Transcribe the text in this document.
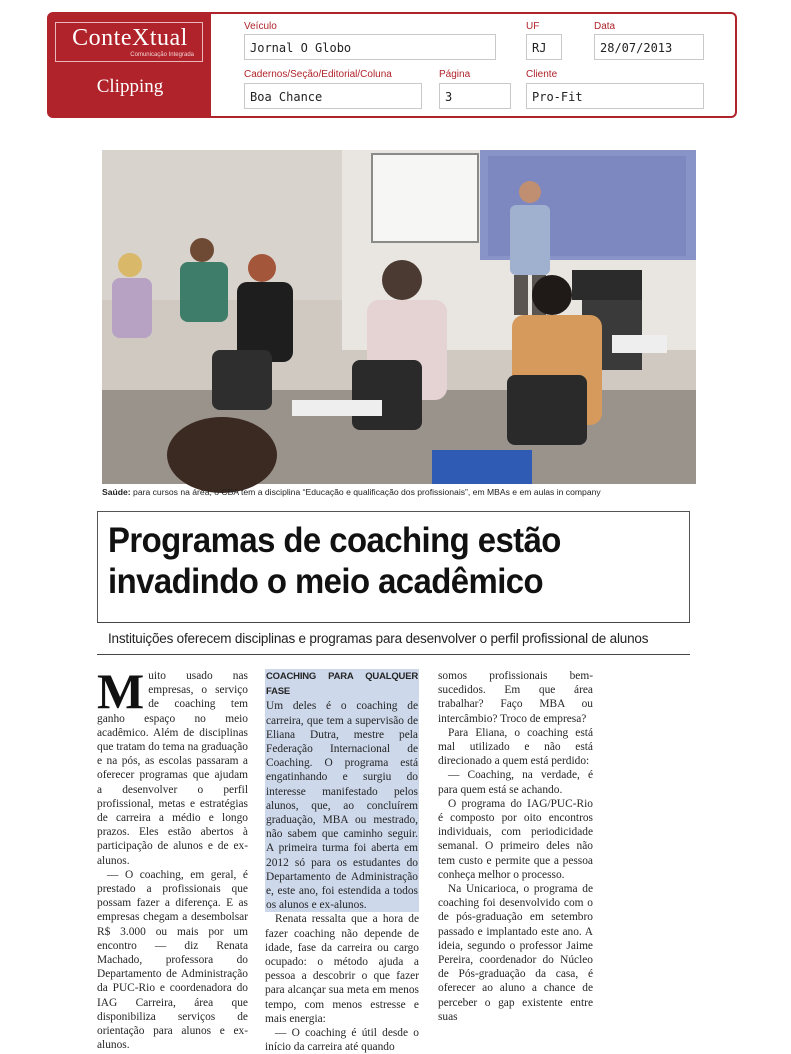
ConteXtual
Comunicação Integrada
Clipping
Veículo
Jornal O Globo
UF
RJ
Data
28/07/2013
Cadernos/Seção/Editorial/Coluna
Boa Chance
Página
3
Cliente
Pro-Fit
Saúde: para cursos na área, o CBA tem a disciplina “Educação e qualificação dos profissionais”, em MBAs e em aulas in company
Programas de coaching estão
invadindo o meio acadêmico
Instituições oferecem disciplinas e programas para desenvolver o perfil profissional de alunos

Muito usado nas empresas, o serviço de coaching tem ganho espaço no meio acadêmico. Além de disciplinas que tratam do tema na graduação e na pós, as escolas passaram a oferecer programas que ajudam a desenvolver o perfil profissional, metas e estratégias de carreira a médio e longo prazos. Eles estão abertos à participação de alunos e de ex-alunos.

— O coaching, em geral, é prestado a profissionais que possam fazer a diferença. E as empresas chegam a desembolsar R$ 3.000 ou mais por um encontro — diz Renata Machado, professora do Departamento de Administração da PUC-Rio e coordenadora do IAG Carreira, área que disponibiliza serviços de orientação para alunos e ex-alunos.

COACHING PARA QUALQUER FASE
Um deles é o coaching de carreira, que tem a supervisão de Eliana Dutra, mestre pela Federação Internacional de Coaching. O programa está engatinhando e surgiu do interesse manifestado pelos alunos, que, ao concluírem graduação, MBA ou mestrado, não sabem que caminho seguir. A primeira turma foi aberta em 2012 só para os estudantes do Departamento de Administração e, este ano, foi estendida a todos os alunos e ex-alunos.

Renata ressalta que a hora de fazer coaching não depende de idade, fase da carreira ou cargo ocupado: o método ajuda a pessoa a descobrir o que fazer para alcançar sua meta em menos tempo, com menos estresse e mais energia:

— O coaching é útil desde o início da carreira até quando

somos profissionais bem-sucedidos. Em que área trabalhar? Faço MBA ou intercâmbio? Troco de empresa?

Para Eliana, o coaching está mal utilizado e não está direcionado a quem está perdido:

— Coaching, na verdade, é para quem está se achando.

O programa do IAG/PUC-Rio é composto por oito encontros individuais, com periodicidade semanal. O primeiro deles não tem custo e permite que a pessoa conheça melhor o processo.

Na Unicarioca, o programa de coaching foi desenvolvido com o de pós-graduação em setembro passado e implantado este ano. A ideia, segundo o professor Jaime Pereira, coordenador do Núcleo de Pós-graduação da casa, é oferecer ao aluno a chance de perceber o gap existente entre suas
